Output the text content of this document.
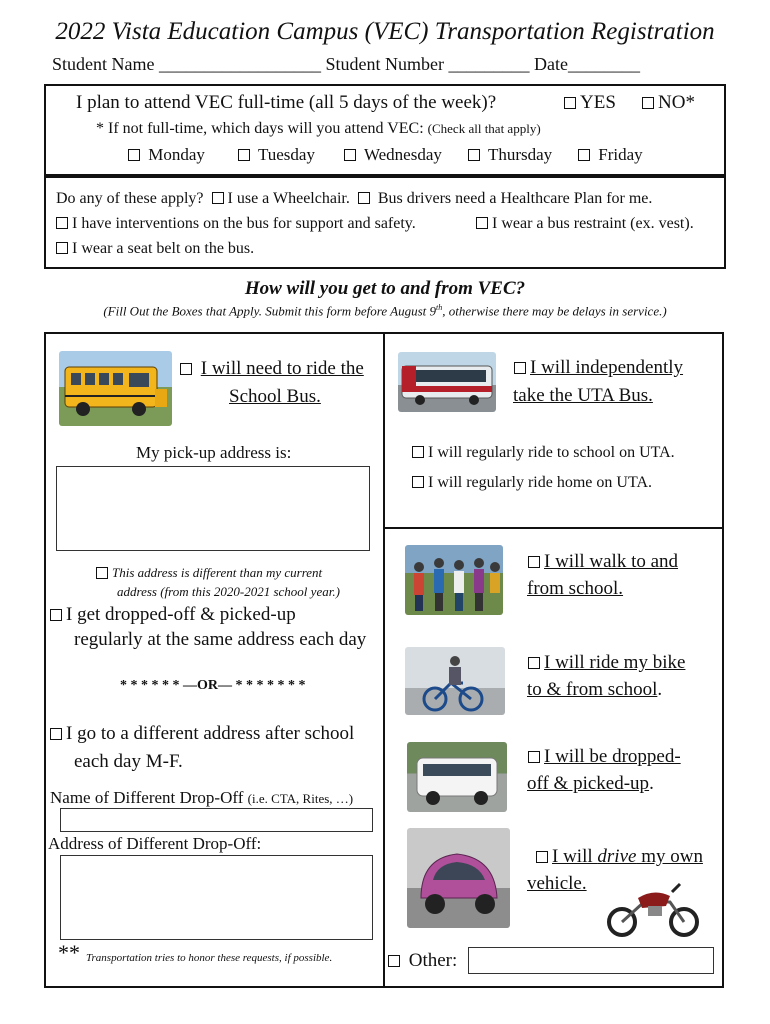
2022 Vista Education Campus (VEC) Transportation Registration
Student Name __________________ Student Number _________ Date________
I plan to attend VEC full-time (all 5 days of the week)?	YES	NO*
* If not full-time, which days will you attend VEC: (Check all that apply)
Monday	Tuesday	Wednesday	Thursday	Friday
Do any of these apply? I use a Wheelchair. Bus drivers need a Healthcare Plan for me.
I have interventions on the bus for support and safety.	I wear a bus restraint (ex. vest).
I wear a seat belt on the bus.
How will you get to and from VEC?
(Fill Out the Boxes that Apply. Submit this form before August 9th, otherwise there may be delays in service.)
I will need to ride the
School Bus.
My pick-up address is:
This address is different than my current
address (from this 2020-2021 school year.)
I get dropped-off & picked-up
regularly at the same address each day
* * * * * * —OR— * * * * * * *
I go to a different address after school
each day M-F.
Name of Different Drop-Off (i.e. CTA, Rites, …)
Address of Different Drop-Off:
** Transportation tries to honor these requests, if possible.
I will independently
take the UTA Bus.
I will regularly ride to school on UTA.
I will regularly ride home on UTA.
I will walk to and
from school.
I will ride my bike
to & from school.
I will be dropped-
off & picked-up.
I will drive my own
vehicle.
Other:
